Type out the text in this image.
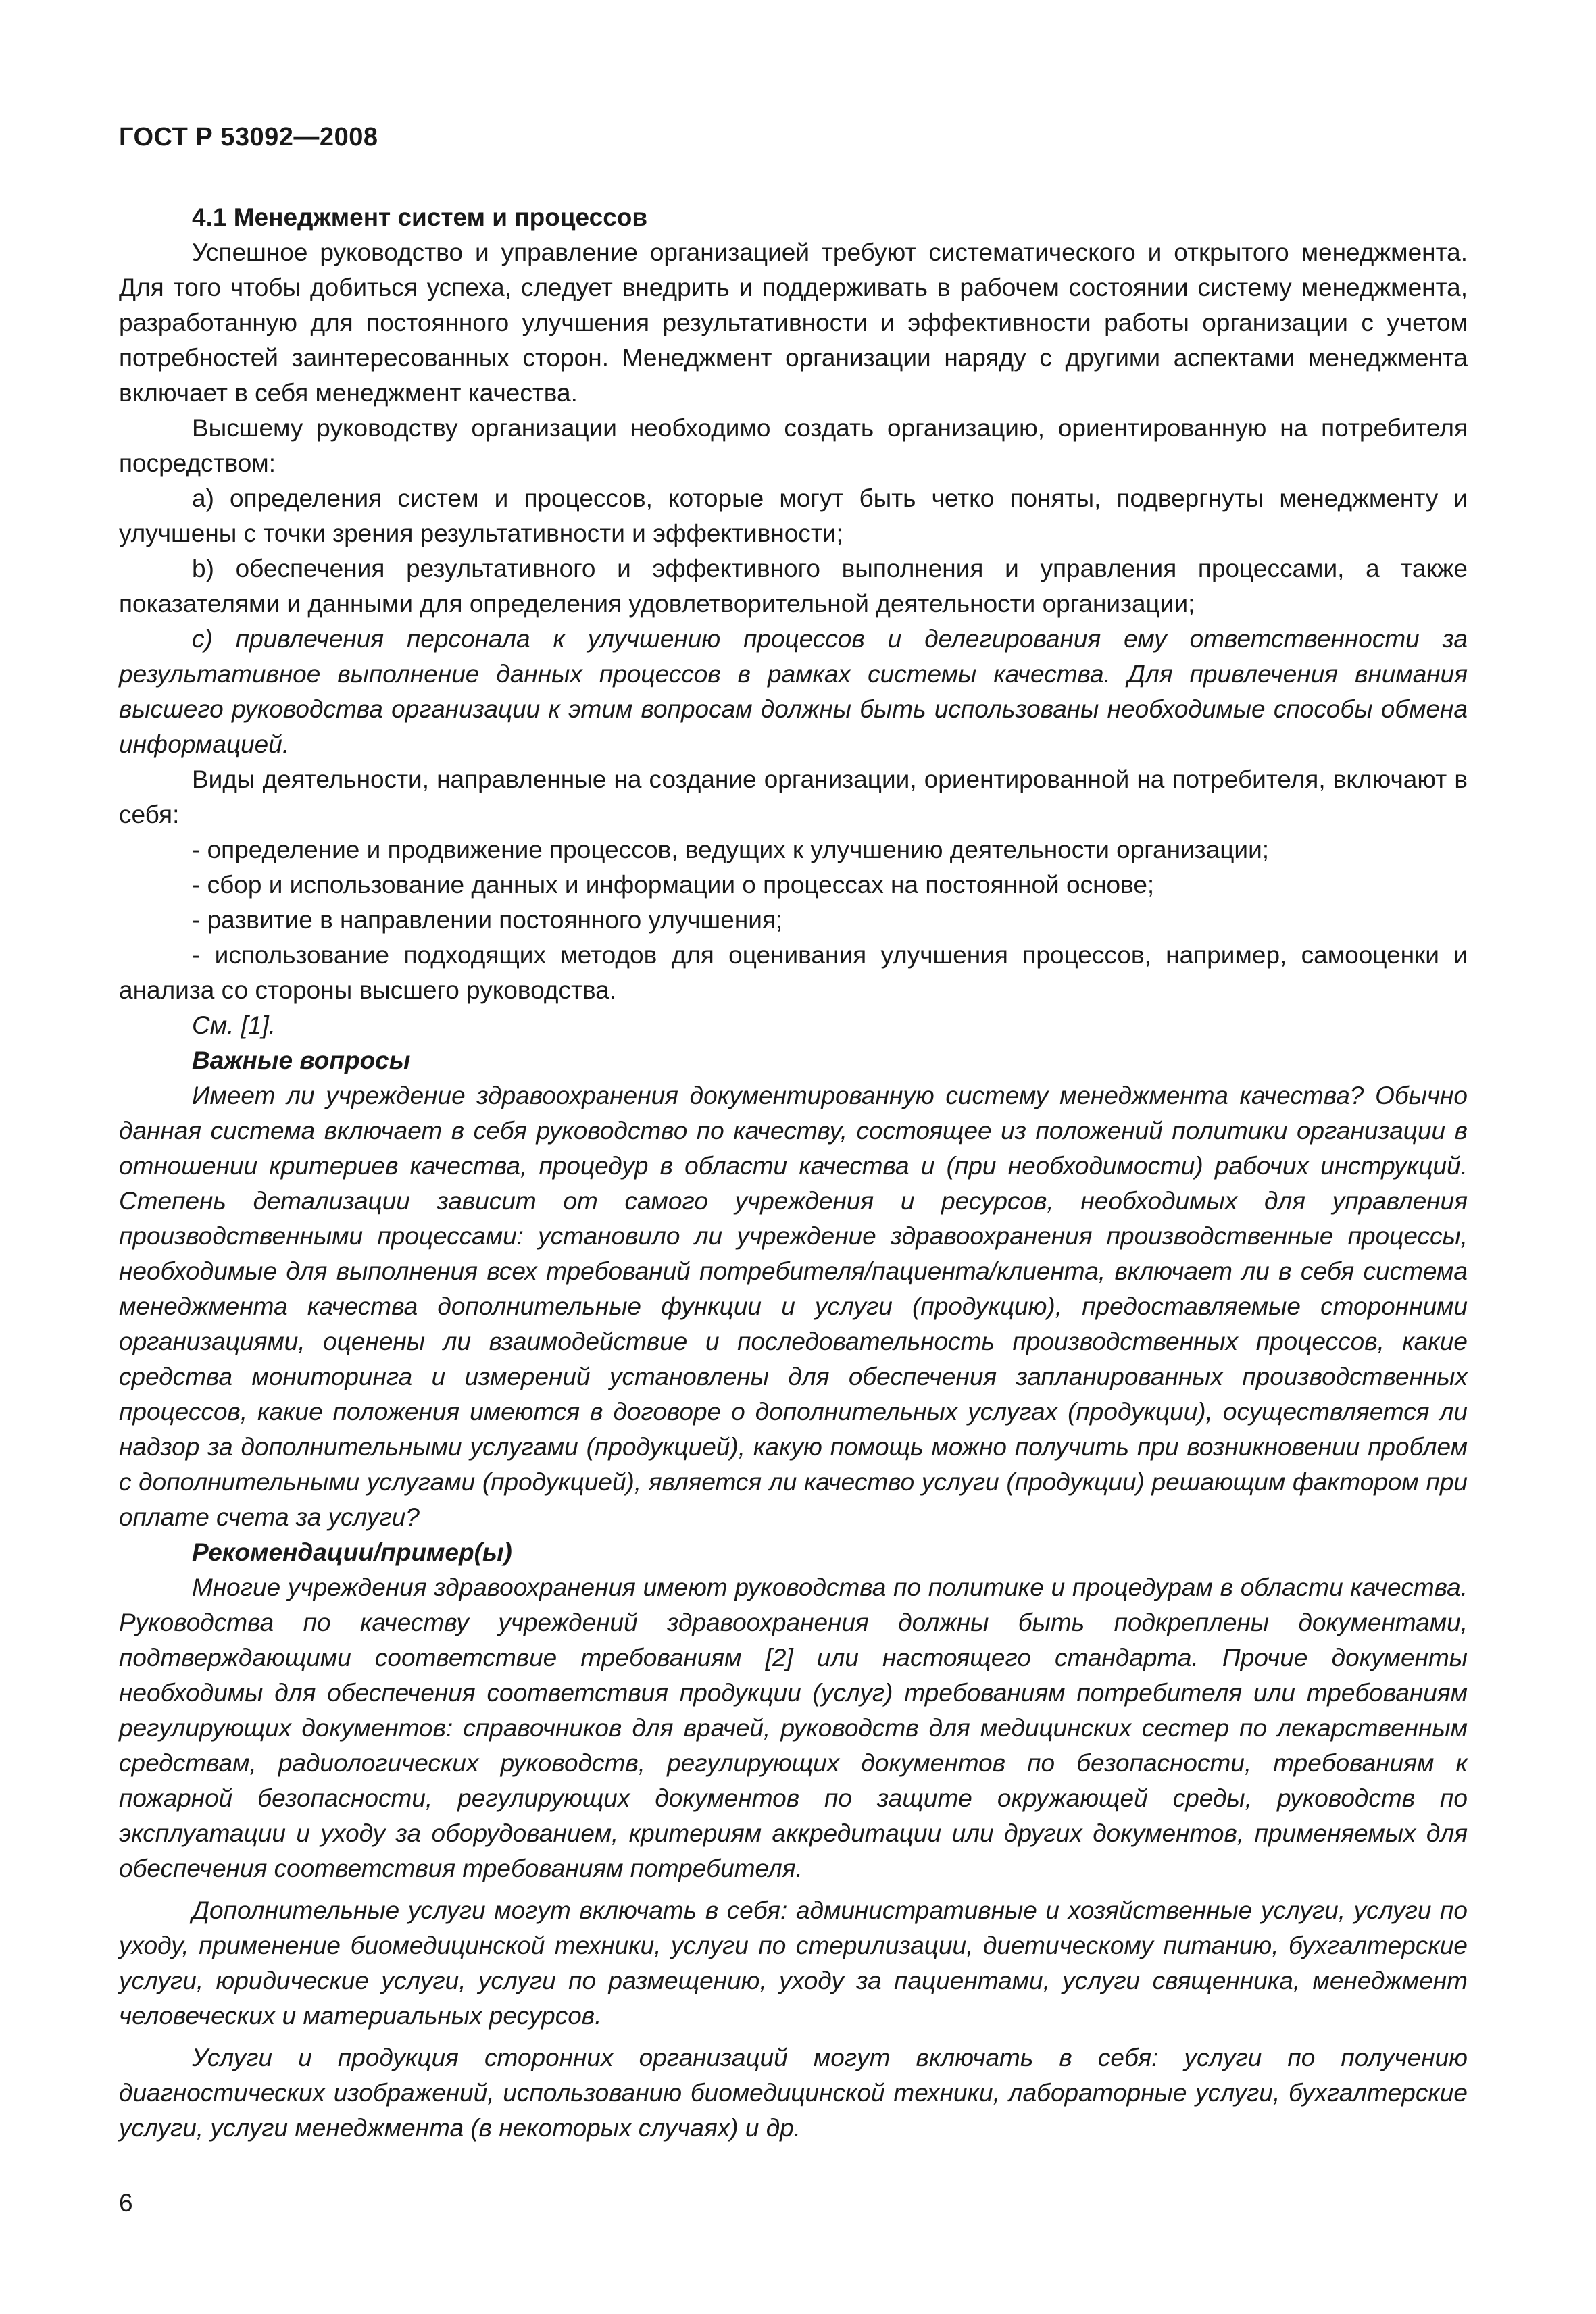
ГОСТ Р 53092—2008

4.1 Менеджмент систем и процессов

Успешное руководство и управление организацией требуют систематического и открытого менеджмента. Для того чтобы добиться успеха, следует внедрить и поддерживать в рабочем состоянии систему менеджмента, разработанную для постоянного улучшения результативности и эффективности работы организации с учетом потребностей заинтересованных сторон. Менеджмент организации наряду с другими аспектами менеджмента включает в себя менеджмент качества.

Высшему руководству организации необходимо создать организацию, ориентированную на потребителя посредством:

a) определения систем и процессов, которые могут быть четко поняты, подвергнуты менеджменту и улучшены с точки зрения результативности и эффективности;

b) обеспечения результативного и эффективного выполнения и управления процессами, а также показателями и данными для определения удовлетворительной деятельности организации;

c) привлечения персонала к улучшению процессов и делегирования ему ответственности за результативное выполнение данных процессов в рамках системы качества. Для привлечения внимания высшего руководства организации к этим вопросам должны быть использованы необходимые способы обмена информацией.

Виды деятельности, направленные на создание организации, ориентированной на потребителя, включают в себя:

- определение и продвижение процессов, ведущих к улучшению деятельности организации;

- сбор и использование данных и информации о процессах на постоянной основе;

- развитие в направлении постоянного улучшения;

- использование подходящих методов для оценивания улучшения процессов, например, самооценки и анализа со стороны высшего руководства.

См. [1].

Важные вопросы

Имеет ли учреждение здравоохранения документированную систему менеджмента качества? Обычно данная система включает в себя руководство по качеству, состоящее из положений политики организации в отношении критериев качества, процедур в области качества и (при необходимости) рабочих инструкций. Степень детализации зависит от самого учреждения и ресурсов, необходимых для управления производственными процессами: установило ли учреждение здравоохранения производственные процессы, необходимые для выполнения всех требований потребителя/пациента/клиента, включает ли в себя система менеджмента качества дополнительные функции и услуги (продукцию), предоставляемые сторонними организациями, оценены ли взаимодействие и последовательность производственных процессов, какие средства мониторинга и измерений установлены для обеспечения запланированных производственных процессов, какие положения имеются в договоре о дополнительных услугах (продукции), осуществляется ли надзор за дополнительными услугами (продукцией), какую помощь можно получить при возникновении проблем с дополнительными услугами (продукцией), является ли качество услуги (продукции) решающим фактором при оплате счета за услуги?

Рекомендации/пример(ы)

Многие учреждения здравоохранения имеют руководства по политике и процедурам в области качества. Руководства по качеству учреждений здравоохранения должны быть подкреплены документами, подтверждающими соответствие требованиям [2] или настоящего стандарта. Прочие документы необходимы для обеспечения соответствия продукции (услуг) требованиям потребителя или требованиям регулирующих документов: справочников для врачей, руководств для медицинских сестер по лекарственным средствам, радиологических руководств, регулирующих документов по безопасности, требованиям к пожарной безопасности, регулирующих документов по защите окружающей среды, руководств по эксплуатации и уходу за оборудованием, критериям аккредитации или других документов, применяемых для обеспечения соответствия требованиям потребителя.

Дополнительные услуги могут включать в себя: административные и хозяйственные услуги, услуги по уходу, применение биомедицинской техники, услуги по стерилизации, диетическому питанию, бухгалтерские услуги, юридические услуги, услуги по размещению, уходу за пациентами, услуги священника, менеджмент человеческих и материальных ресурсов.

Услуги и продукция сторонних организаций могут включать в себя: услуги по получению диагностических изображений, использованию биомедицинской техники, лабораторные услуги, бухгалтерские услуги, услуги менеджмента (в некоторых случаях) и др.

6
